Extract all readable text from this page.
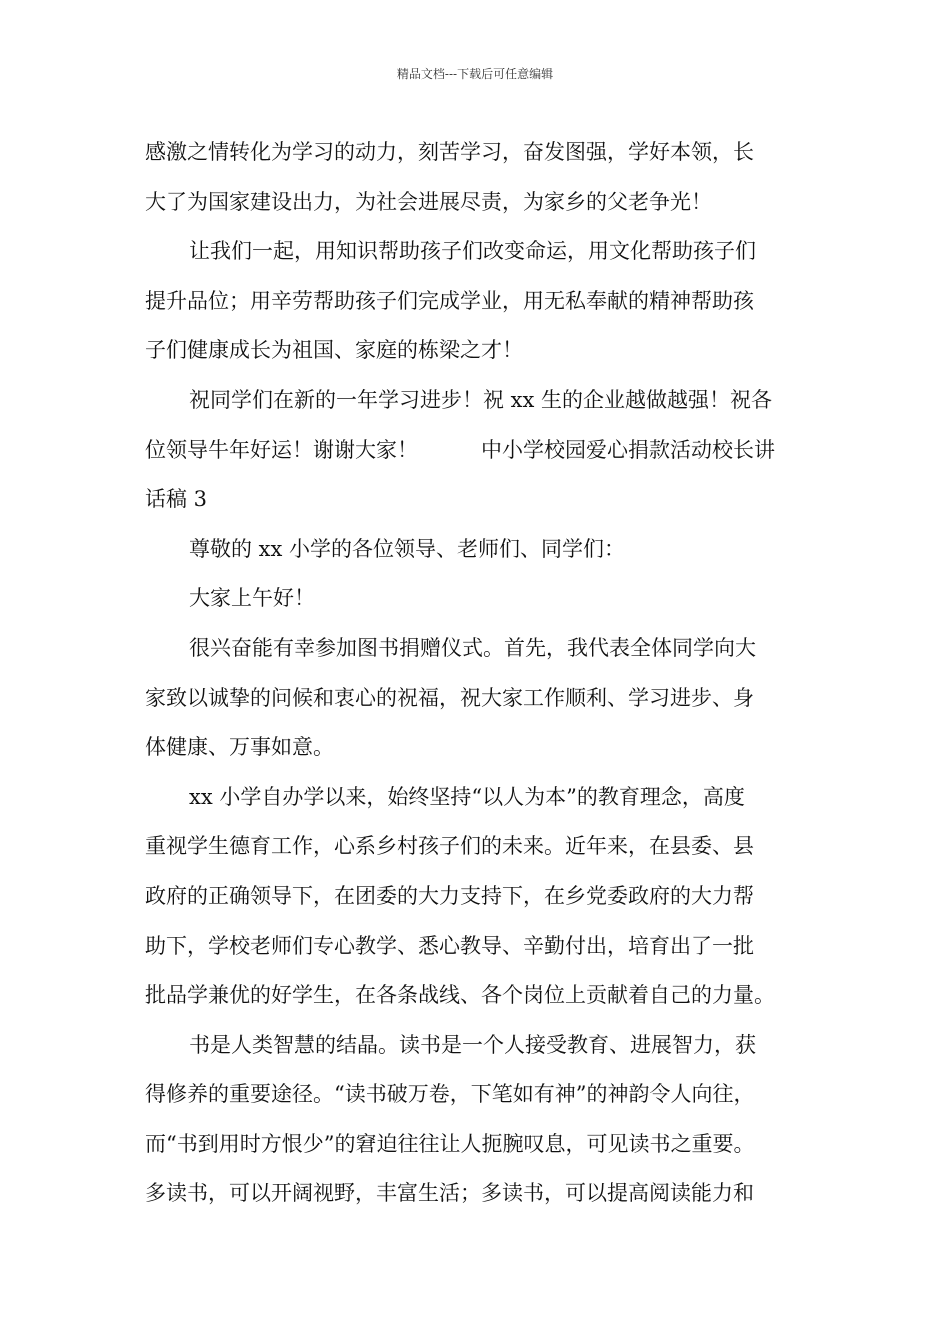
精品文档---下载后可任意编辑
感激之情转化为学习的动力，刻苦学习，奋发图强，学好本领，长
大了为国家建设出力，为社会进展尽责，为家乡的父老争光！
让我们一起，用知识帮助孩子们改变命运，用文化帮助孩子们
提升品位；用辛劳帮助孩子们完成学业，用无私奉献的精神帮助孩
子们健康成长为祖国、家庭的栋梁之才！
祝同学们在新的一年学习进步！祝 xx 生的企业越做越强！祝各
位领导牛年好运！谢谢大家！　　　中小学校园爱心捐款活动校长讲
话稿 3
尊敬的 xx 小学的各位领导、老师们、同学们：
大家上午好！
很兴奋能有幸参加图书捐赠仪式。首先，我代表全体同学向大
家致以诚挚的问候和衷心的祝福，祝大家工作顺利、学习进步、身
体健康、万事如意。
xx 小学自办学以来，始终坚持“以人为本”的教育理念，高度
重视学生德育工作，心系乡村孩子们的未来。近年来，在县委、县
政府的正确领导下，在团委的大力支持下，在乡党委政府的大力帮
助下，学校老师们专心教学、悉心教导、辛勤付出，培育出了一批
批品学兼优的好学生，在各条战线、各个岗位上贡献着自己的力量。
书是人类智慧的结晶。读书是一个人接受教育、进展智力，获
得修养的重要途径。“读书破万卷，下笔如有神”的神韵令人向往，
而“书到用时方恨少”的窘迫往往让人扼腕叹息，可见读书之重要。
多读书，可以开阔视野，丰富生活；多读书，可以提高阅读能力和
